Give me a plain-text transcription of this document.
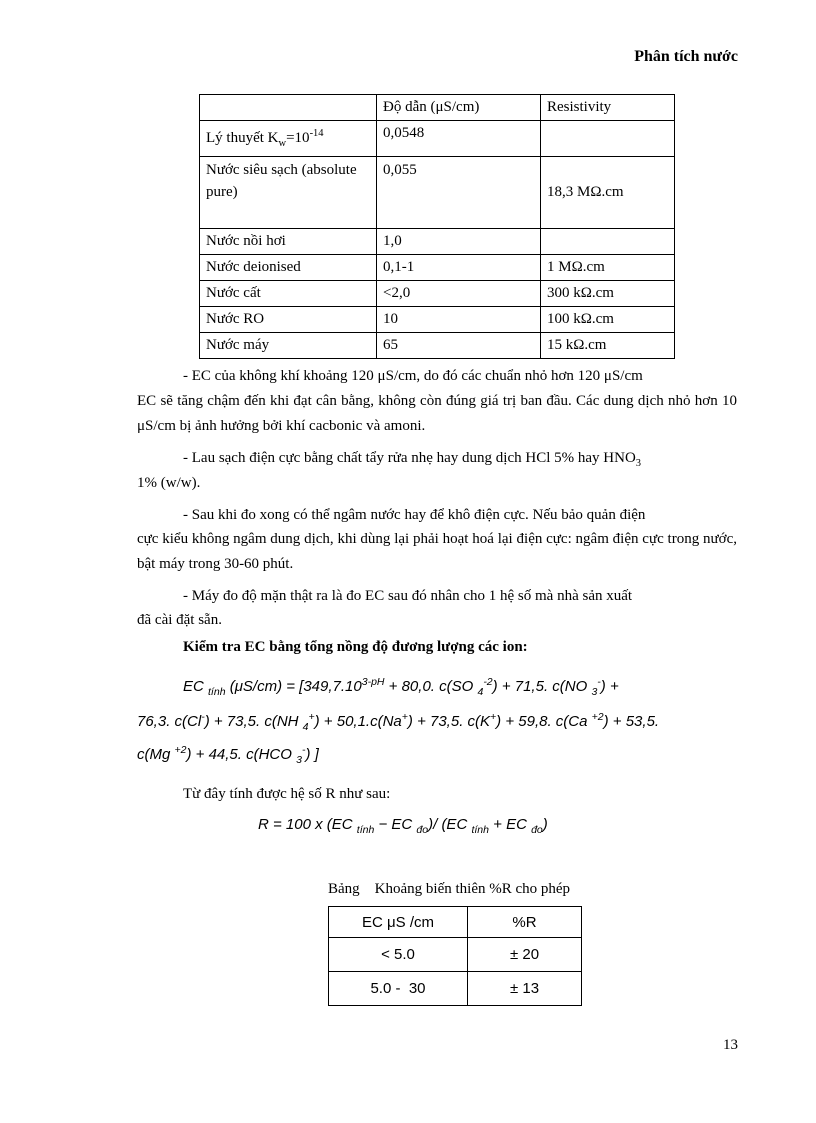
Phân tích nước
	Độ dẫn (μS/cm)	Resistivity
Lý thuyết $K_w=10^{-14}$	0,0548	
Nước siêu sạch (absolute pure)	0,055	18,3 MΩ.cm
Nước nồi hơi	1,0	
Nước deionised	0,1-1	1 MΩ.cm
Nước cất	<2,0	300 kΩ.cm
Nước RO	10	100 kΩ.cm
Nước máy	65	15 kΩ.cm
- EC của không khí khoảng 120 μS/cm, do đó các chuẩn nhỏ hơn 120 μS/cm
EC sẽ tăng chậm đến khi đạt cân bằng, không còn đúng giá trị ban đầu. Các dung dịch nhỏ hơn 10 μS/cm bị ảnh hưởng bởi khí cacbonic và amoni.
- Lau sạch điện cực bằng chất tẩy rửa nhẹ hay dung dịch HCl 5% hay $HNO_3$
1% (w/w).
- Sau khi đo xong có thể ngâm nước hay để khô điện cực. Nếu bảo quản điện
cực kiểu không ngâm dung dịch, khi dùng lại phải hoạt hoá lại điện cực: ngâm điện cực trong nước, bật máy trong 30-60 phút.
- Máy đo độ mặn thật ra là đo EC sau đó nhân cho 1 hệ số mà nhà sản xuất
đã cài đặt sẵn.
Kiểm tra EC bằng tổng nồng độ đương lượng các ion:
EC $_{tính}$ $(\mu S/cm) = [349,7.10^{3-pH} + 80,0$. c(SO $_4^{-2}$) + 71,5. c(NO $_3$-) +
76,3. c(Cl-) + 73,5. c(NH $_4$+) + 50,1.c(Na+) + 73,5. c(K+) + 59,8. c(Ca $^{+2}$) + 53,5.
c(Mg $^{+2}$) + 44,5. c(HCO $_3$-) ]
Từ đây tính được hệ số R như sau:
R = 100 x (EC $_{tính}$ − EC $_{đo}$)/ (EC $_{tính}$ + EC $_{đo}$)
Bảng    Khoảng biến thiên %R cho phép
EC μS /cm	%R
< 5.0	± 20
5.0 -  30	± 13
13
